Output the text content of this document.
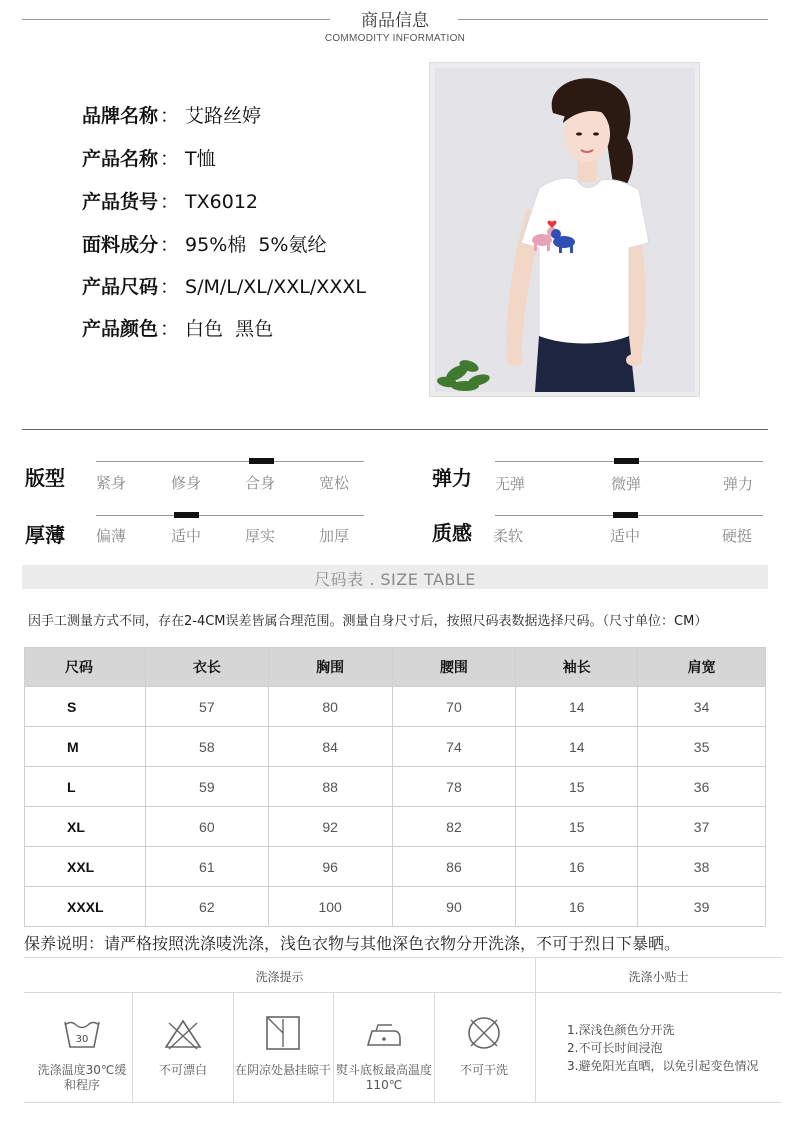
商品信息
COMMODITY INFORMATION
品牌名称 ： 艾路丝婷
产品名称 ： T恤
产品货号 ： TX6012
面料成分 ： 95%棉  5%氨纶
产品尺码 ： S/M/L/XL/XXL/XXXL
产品颜色 ： 白色  黑色
版型 紧身	修身	合身	宽松	弹力 无弹	微弹	弹力
厚薄 偏薄	适中	厚实	加厚	质感 柔软	适中	硬挺
尺码表 . SIZE TABLE
因手工测量方式不同，存在2-4CM误差皆属合理范围。测量自身尺寸后，按照尺码表数据选择尺码。（尺寸单位：CM）
尺码	衣长	胸围	腰围	袖长	肩宽
S	57	80	70	14	34
M	58	84	74	14	35
L	59	88	78	15	36
XL	60	92	82	15	37
XXL	61	96	86	16	38
XXXL	62	100	90	16	39
保养说明：请严格按照洗涤唛洗涤，浅色衣物与其他深色衣物分开洗涤，不可于烈日下暴晒。
洗涤提示	洗涤小贴士
30
洗涤温度30℃缓和程序
不可漂白	在阴凉处悬挂晾干 熨斗底板最高温度110℃
不可干洗
1.深浅色颜色分开洗
2.不可长时间浸泡
3.避免阳光直晒，以免引起变色情况
